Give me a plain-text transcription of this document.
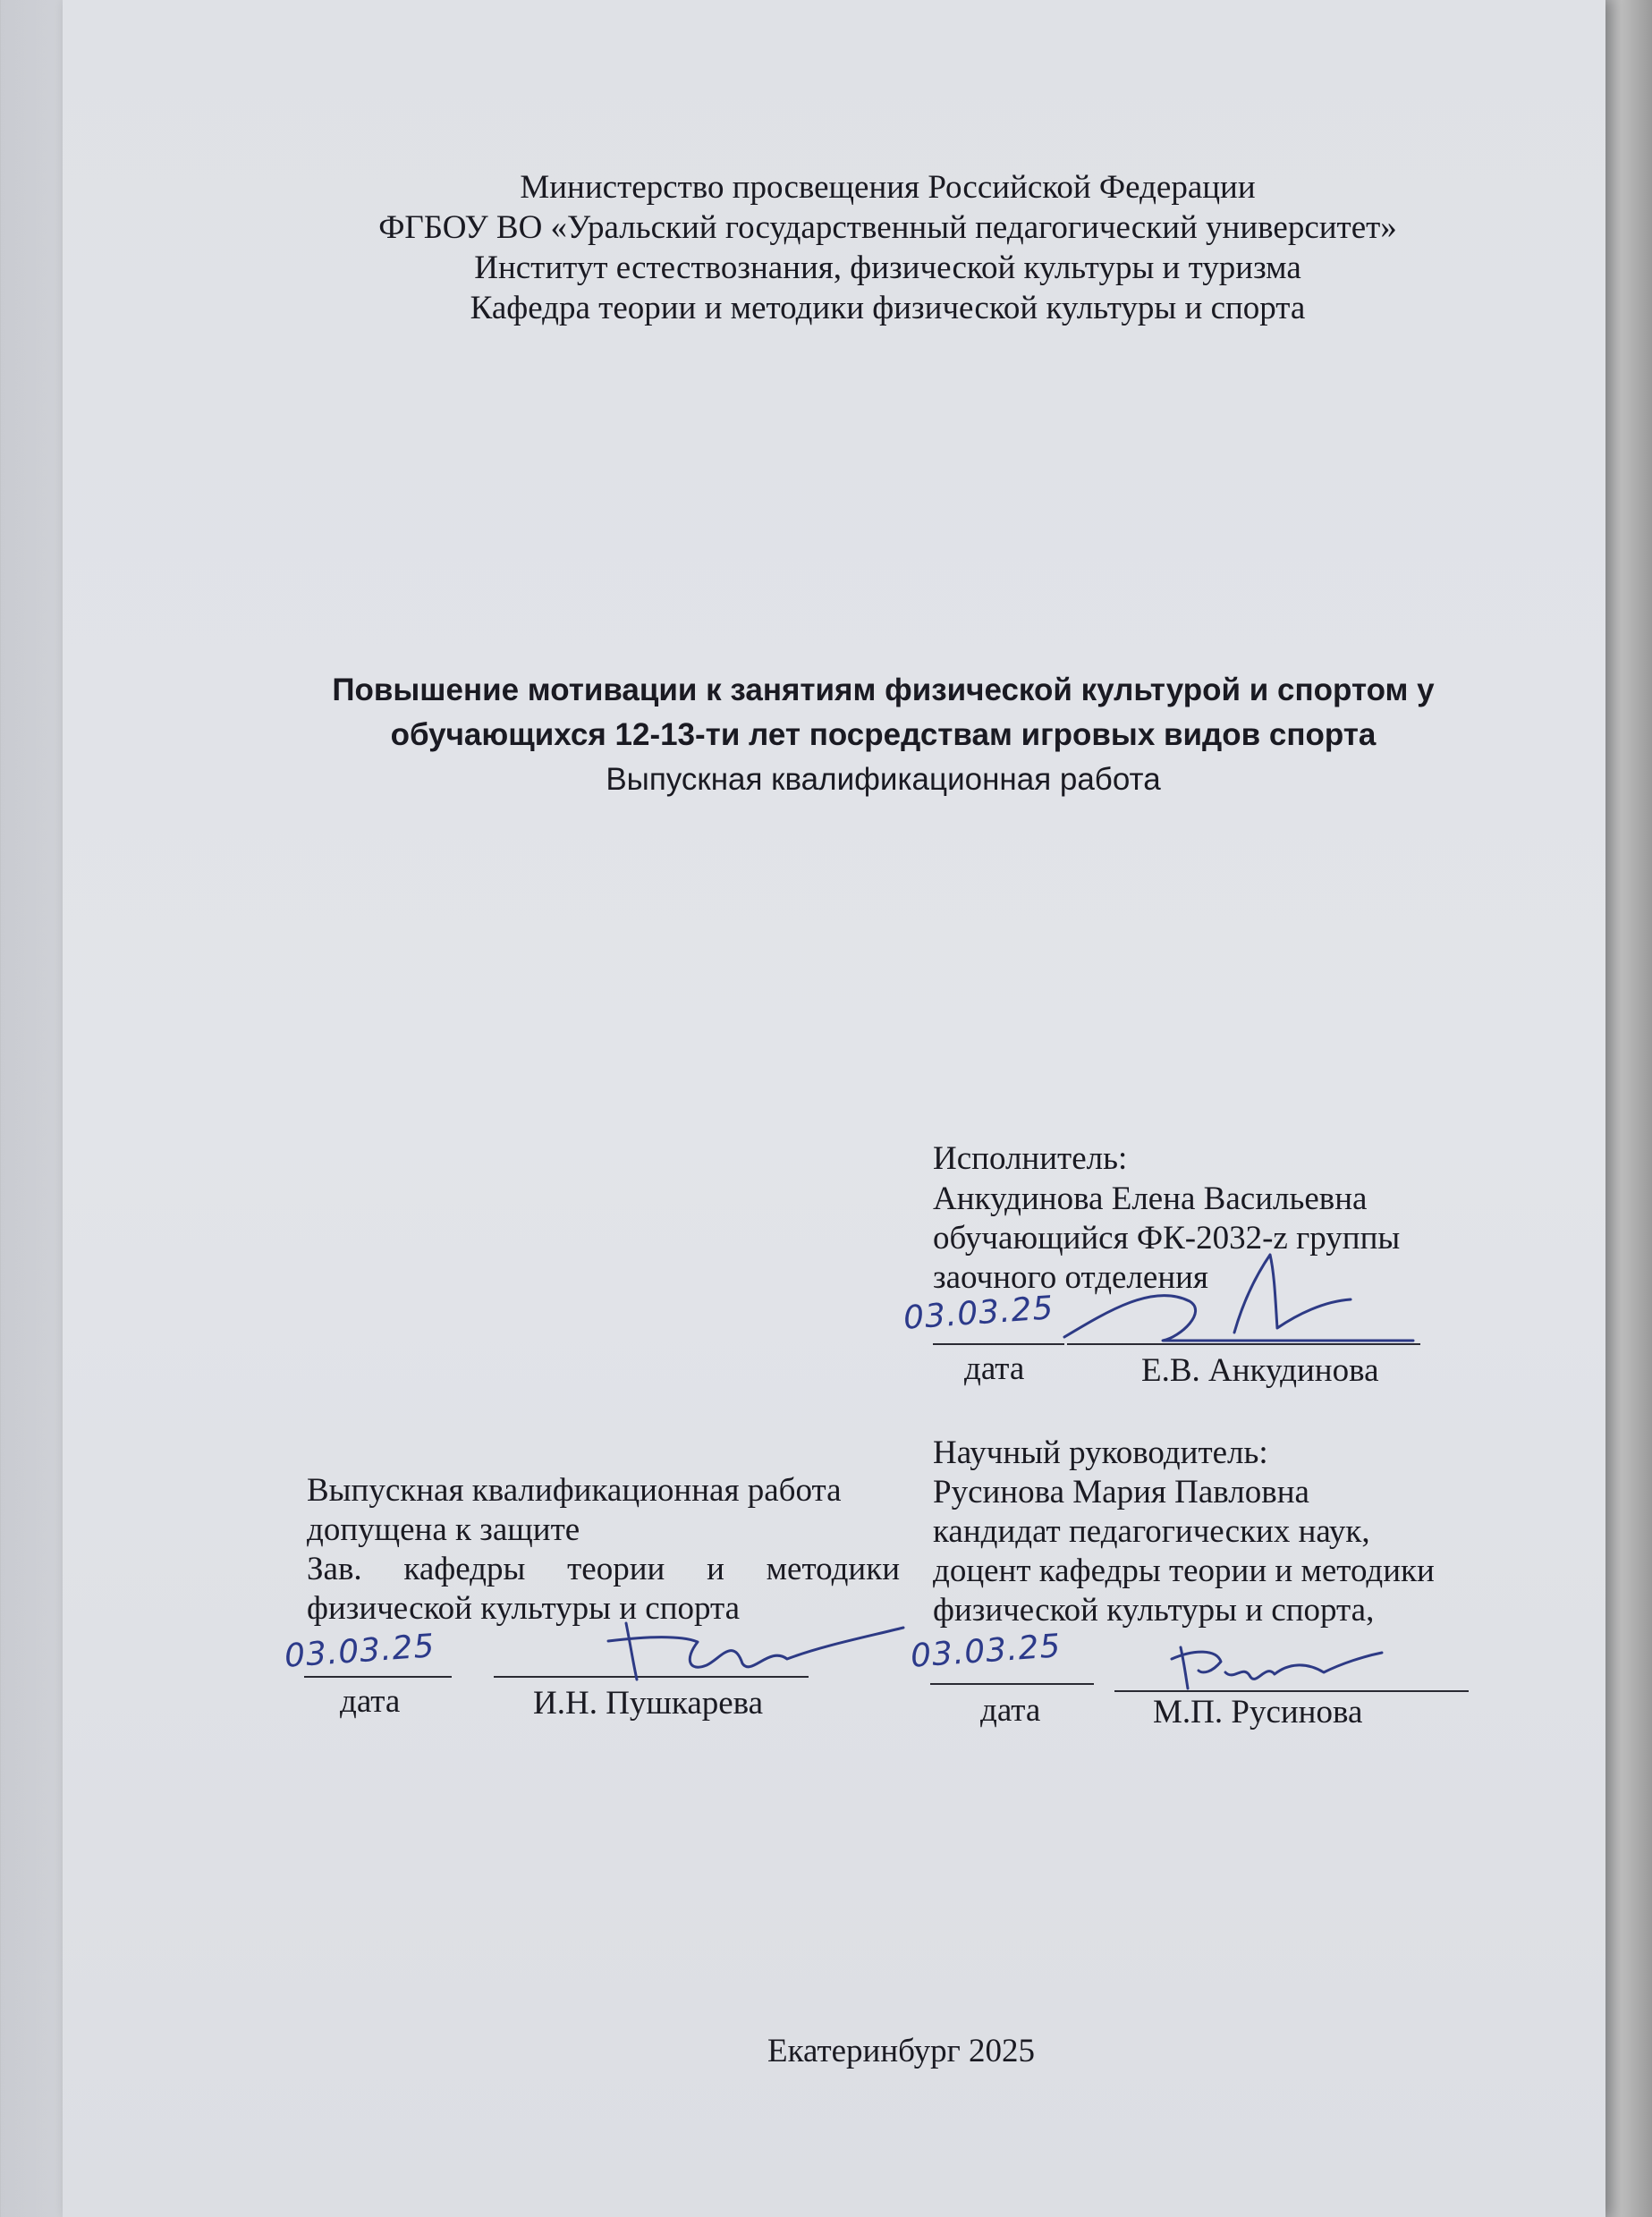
Министерство просвещения Российской Федерации
ФГБОУ ВО «Уральский государственный педагогический университет»
Институт естествознания, физической культуры и туризма
Кафедра теории и методики физической культуры и спорта
Повышение мотивации к занятиям физической культурой и спортом у
обучающихся 12-13-ти лет посредствам игровых видов спорта
Выпускная квалификационная работа
Исполнитель:
Анкудинова Елена Васильевна
обучающийся ФК-2032-z группы
заочного отделения
03.03.25
дата	Е.В. Анкудинова
Выпускная квалификационная работа
допущена к защите
Зав. кафедры теории и методики
физической культуры и спорта
03.03.25
дата	И.Н. Пушкарева
Научный руководитель:
Русинова Мария Павловна
кандидат педагогических наук,
доцент кафедры теории и методики
физической культуры и спорта,
03.03.25
дата	М.П. Русинова
Екатеринбург 2025
